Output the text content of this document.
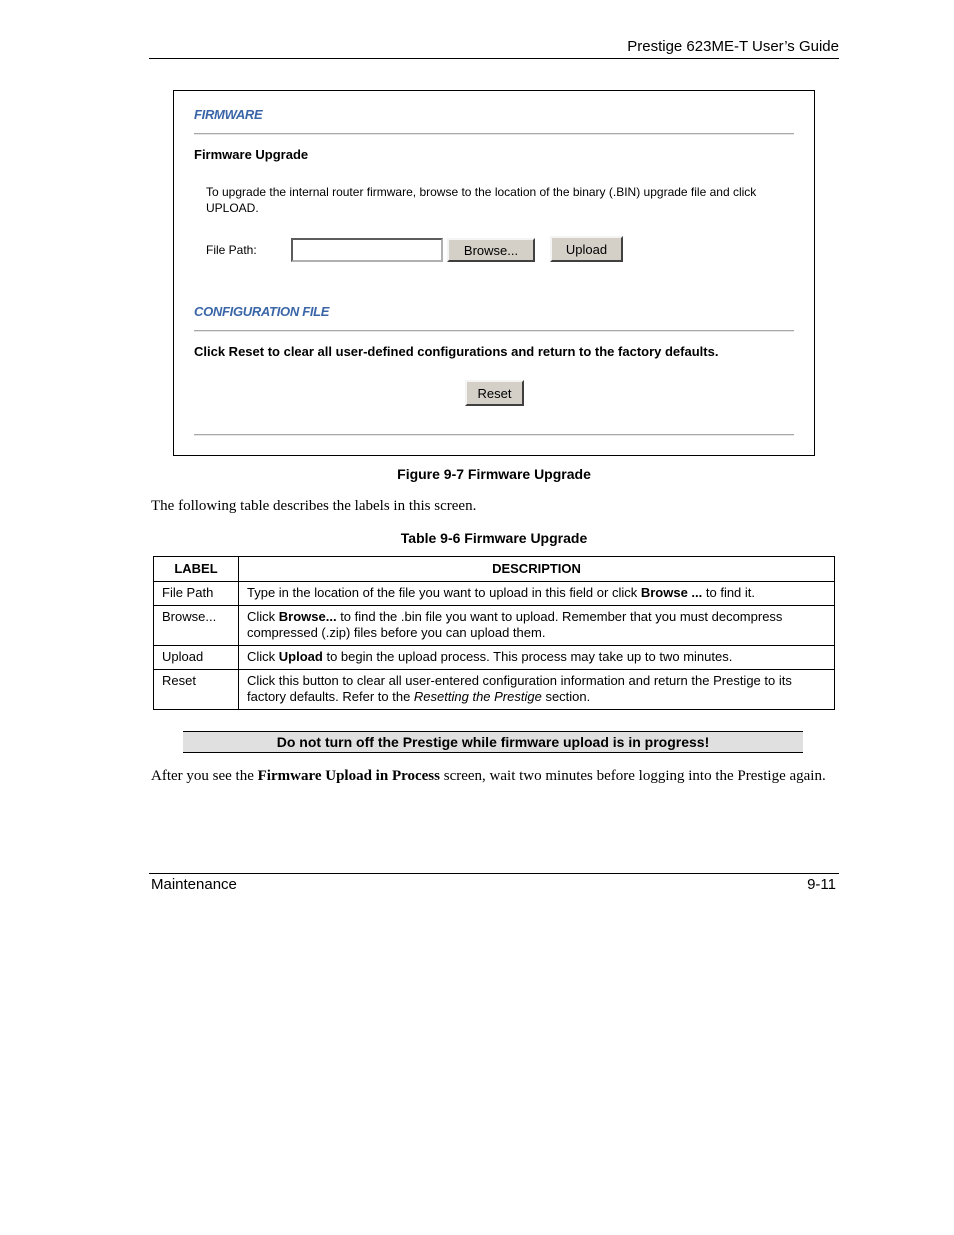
Prestige 623ME-T User’s Guide
FIRMWARE
Firmware Upgrade
To upgrade the internal router firmware, browse to the location of the binary (.BIN) upgrade file and click UPLOAD.
File Path:	Browse...	Upload
CONFIGURATION FILE
Click Reset to clear all user-defined configurations and return to the factory defaults.
Reset
Figure 9-7 Firmware Upgrade
The following table describes the labels in this screen.
Table 9-6 Firmware Upgrade
LABEL	DESCRIPTION
File Path	Type in the location of the file you want to upload in this field or click Browse ... to find it.
Browse...	Click Browse... to find the .bin file you want to upload. Remember that you must decompress compressed (.zip) files before you can upload them.
Upload	Click Upload to begin the upload process. This process may take up to two minutes.
Reset	Click this button to clear all user-entered configuration information and return the Prestige to its factory defaults. Refer to the Resetting the Prestige section.
Do not turn off the Prestige while firmware upload is in progress!
After you see the Firmware Upload in Process screen, wait two minutes before logging into the Prestige again.
Maintenance	9-11
